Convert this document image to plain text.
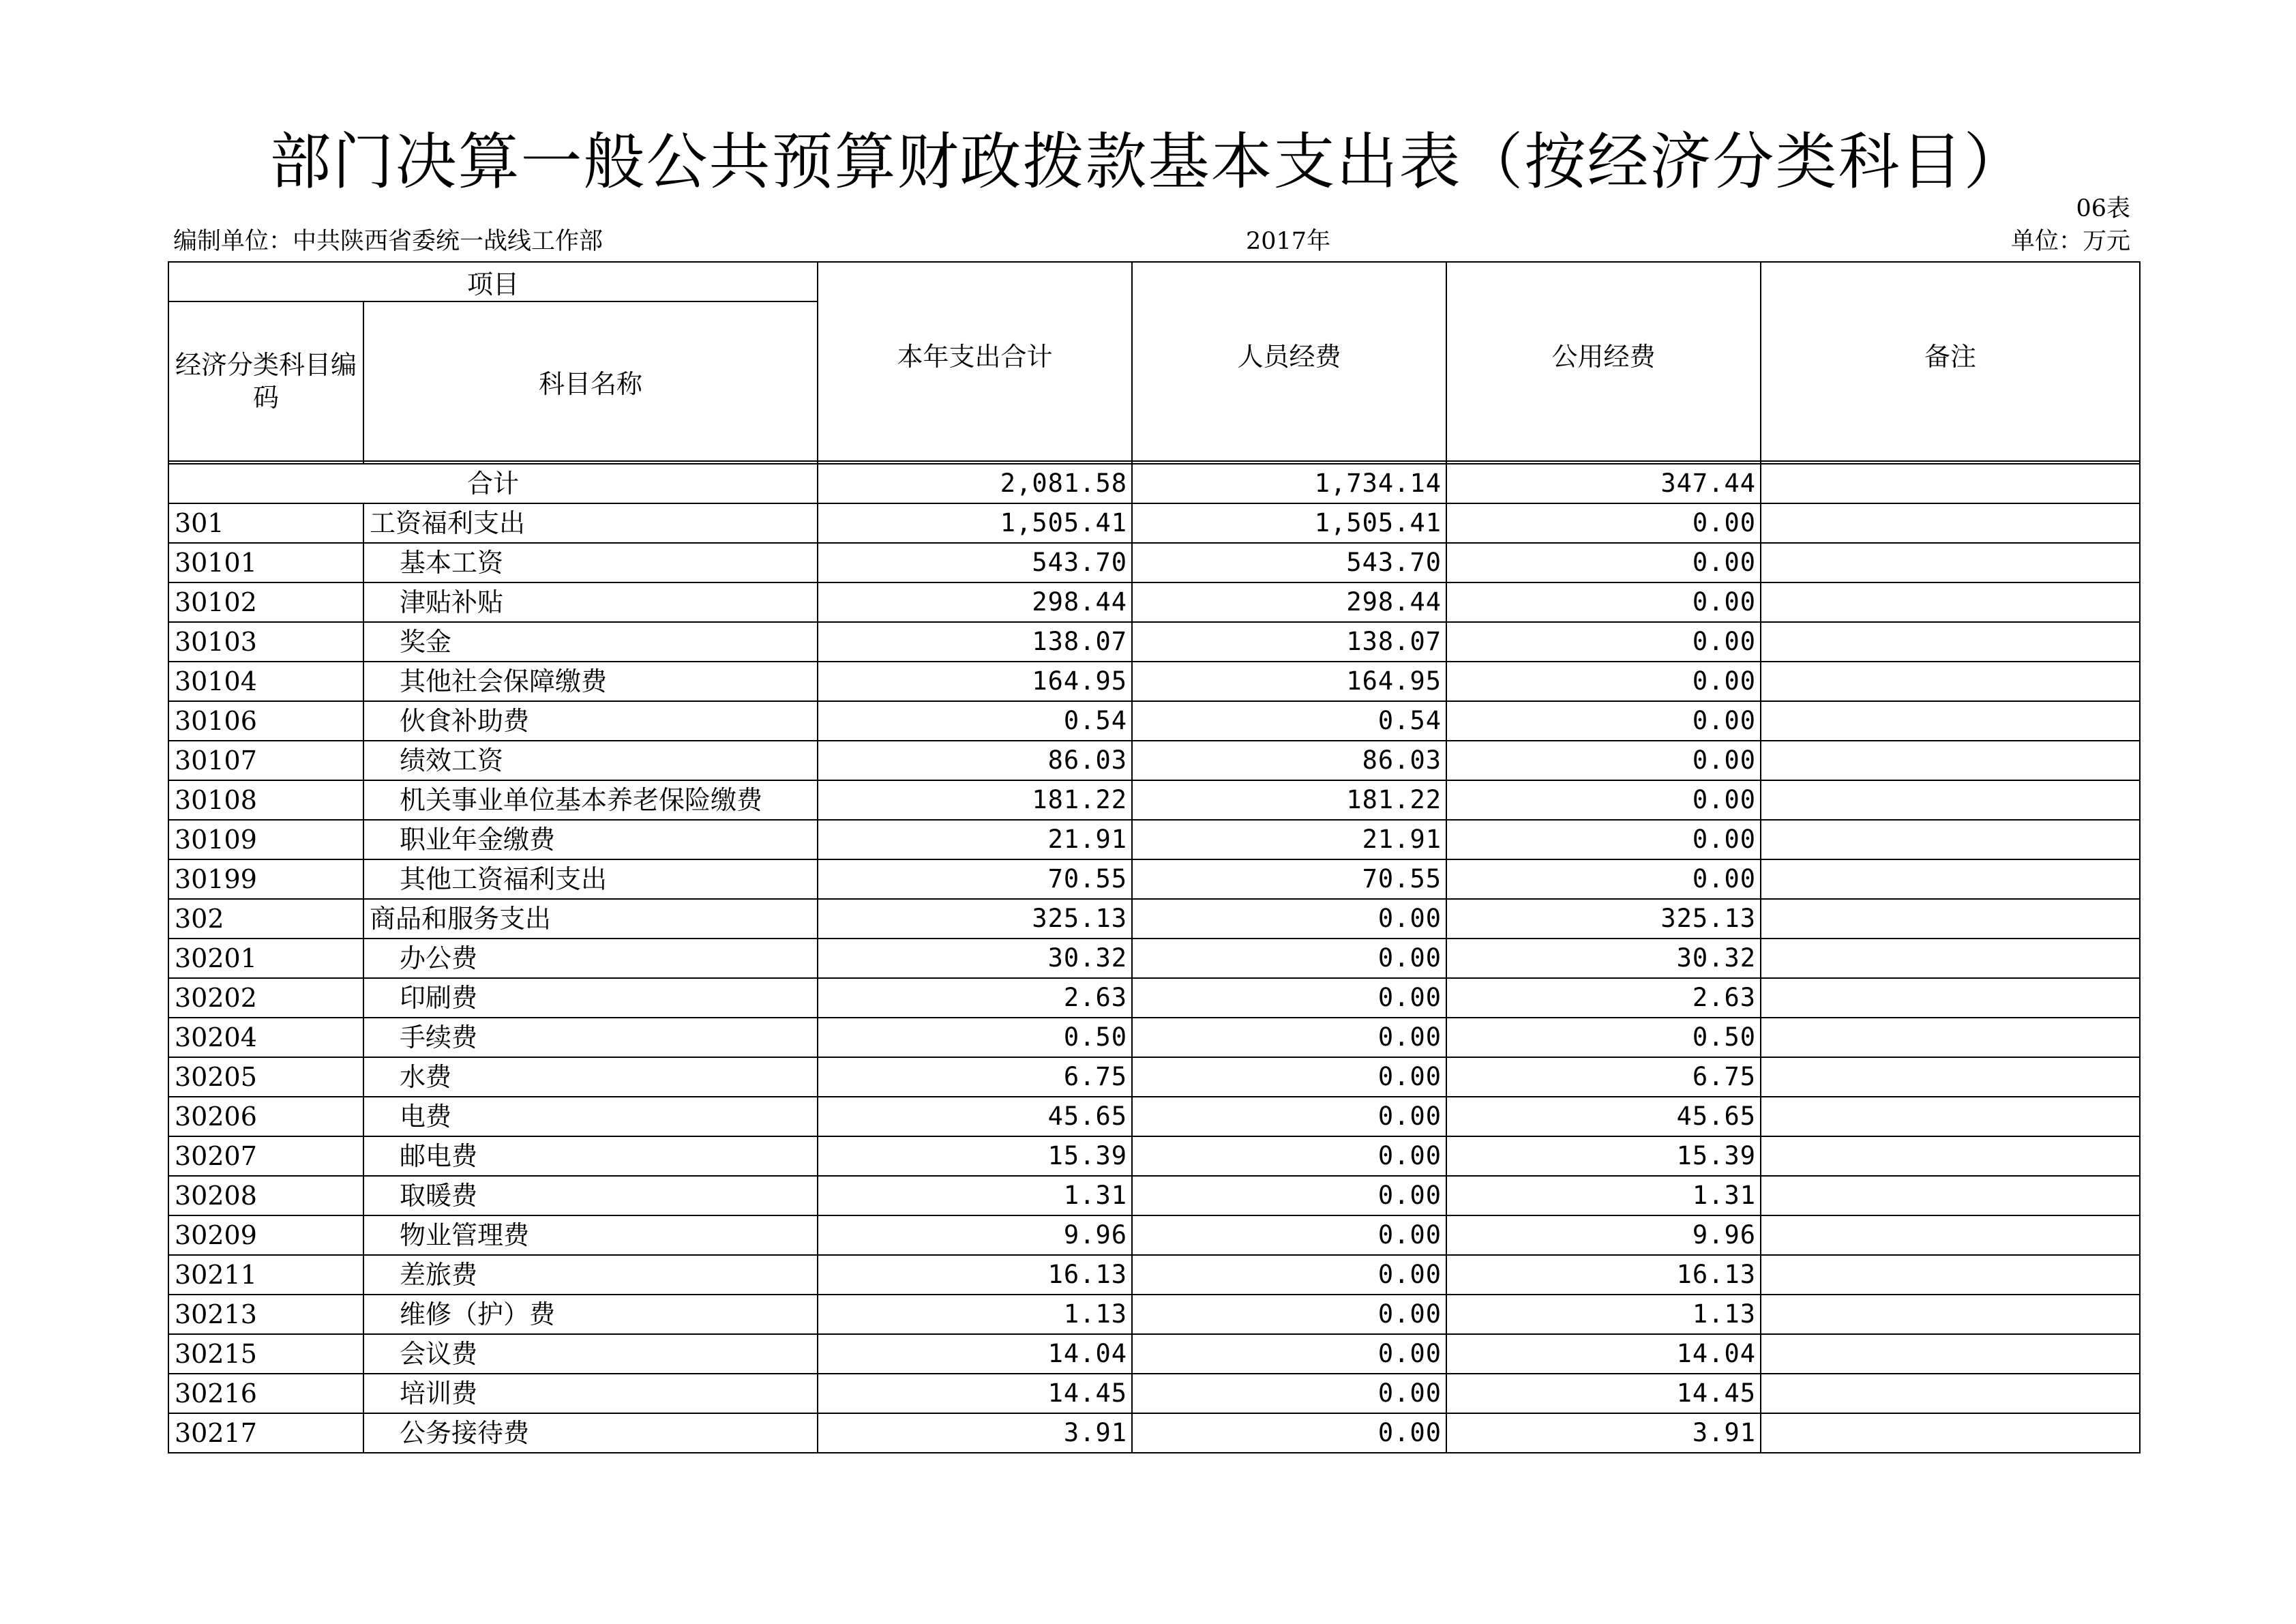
部门决算一般公共预算财政拨款基本支出表（按经济分类科目）
06表
编制单位：中共陕西省委统一战线工作部	2017年	单位：万元
项目		本年支出合计	人员经费	公用经费	备注

经济分类科目编码	科目名称				

合计		2,081.58	1,734.14	347.44	
301	工资福利支出	1,505.41	1,505.41	0.00	
30101	基本工资	543.70	543.70	0.00	
30102	津贴补贴	298.44	298.44	0.00	
30103	奖金	138.07	138.07	0.00	
30104	其他社会保障缴费	164.95	164.95	0.00	
30106	伙食补助费	0.54	0.54	0.00	
30107	绩效工资	86.03	86.03	0.00	
30108	机关事业单位基本养老保险缴费	181.22	181.22	0.00	
30109	职业年金缴费	21.91	21.91	0.00	
30199	其他工资福利支出	70.55	70.55	0.00	
302	商品和服务支出	325.13	0.00	325.13	
30201	办公费	30.32	0.00	30.32	
30202	印刷费	2.63	0.00	2.63	
30204	手续费	0.50	0.00	0.50	
30205	水费	6.75	0.00	6.75	
30206	电费	45.65	0.00	45.65	
30207	邮电费	15.39	0.00	15.39	
30208	取暖费	1.31	0.00	1.31	
30209	物业管理费	9.96	0.00	9.96	
30211	差旅费	16.13	0.00	16.13	
30213	维修（护）费	1.13	0.00	1.13	
30215	会议费	14.04	0.00	14.04	
30216	培训费	14.45	0.00	14.45	
30217	公务接待费	3.91	0.00	3.91	
